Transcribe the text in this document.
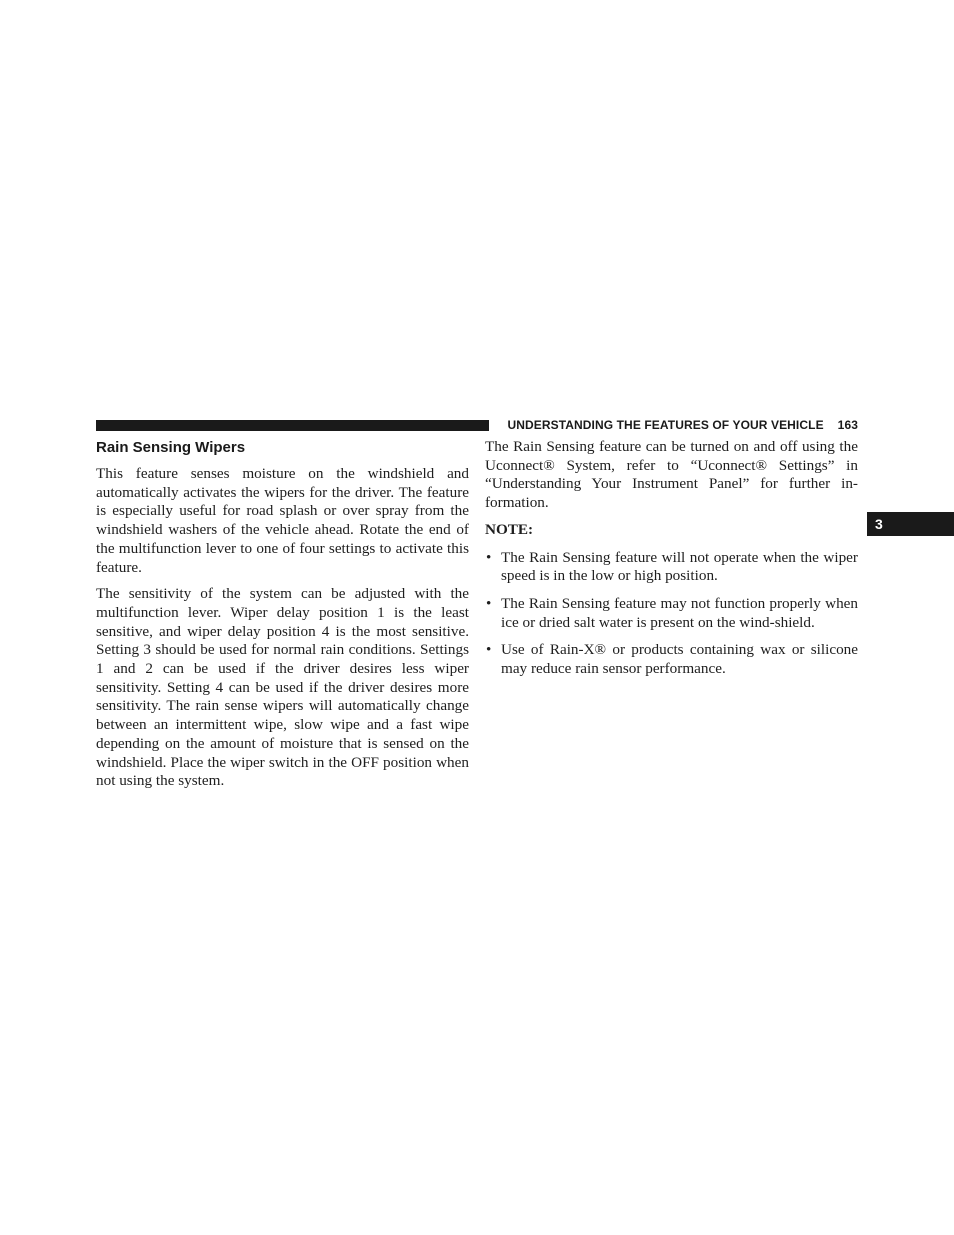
UNDERSTANDING THE FEATURES OF YOUR VEHICLE 163
3
Rain Sensing Wipers

This feature senses moisture on the windshield and automatically activates the wipers for the driver. The feature is especially useful for road splash or over spray from the windshield washers of the vehicle ahead. Rotate the end of the multifunction lever to one of four settings to activate this feature.

The sensitivity of the system can be adjusted with the multifunction lever. Wiper delay position 1 is the least sensitive, and wiper delay position 4 is the most sensitive. Setting 3 should be used for normal rain conditions. Settings 1 and 2 can be used if the driver desires less wiper sensitivity. Setting 4 can be used if the driver desires more sensitivity. The rain sense wipers will automatically change between an intermittent wipe, slow wipe and a fast wipe depending on the amount of moisture that is sensed on the windshield. Place the wiper switch in the OFF position when not using the system.

The Rain Sensing feature can be turned on and off using the Uconnect® System, refer to “Uconnect® Settings” in “Understanding Your Instrument Panel” for further in-formation.

NOTE:
• The Rain Sensing feature will not operate when the wiper speed is in the low or high position.
• The Rain Sensing feature may not function properly when ice or dried salt water is present on the wind-shield.
• Use of Rain-X® or products containing wax or silicone may reduce rain sensor performance.
